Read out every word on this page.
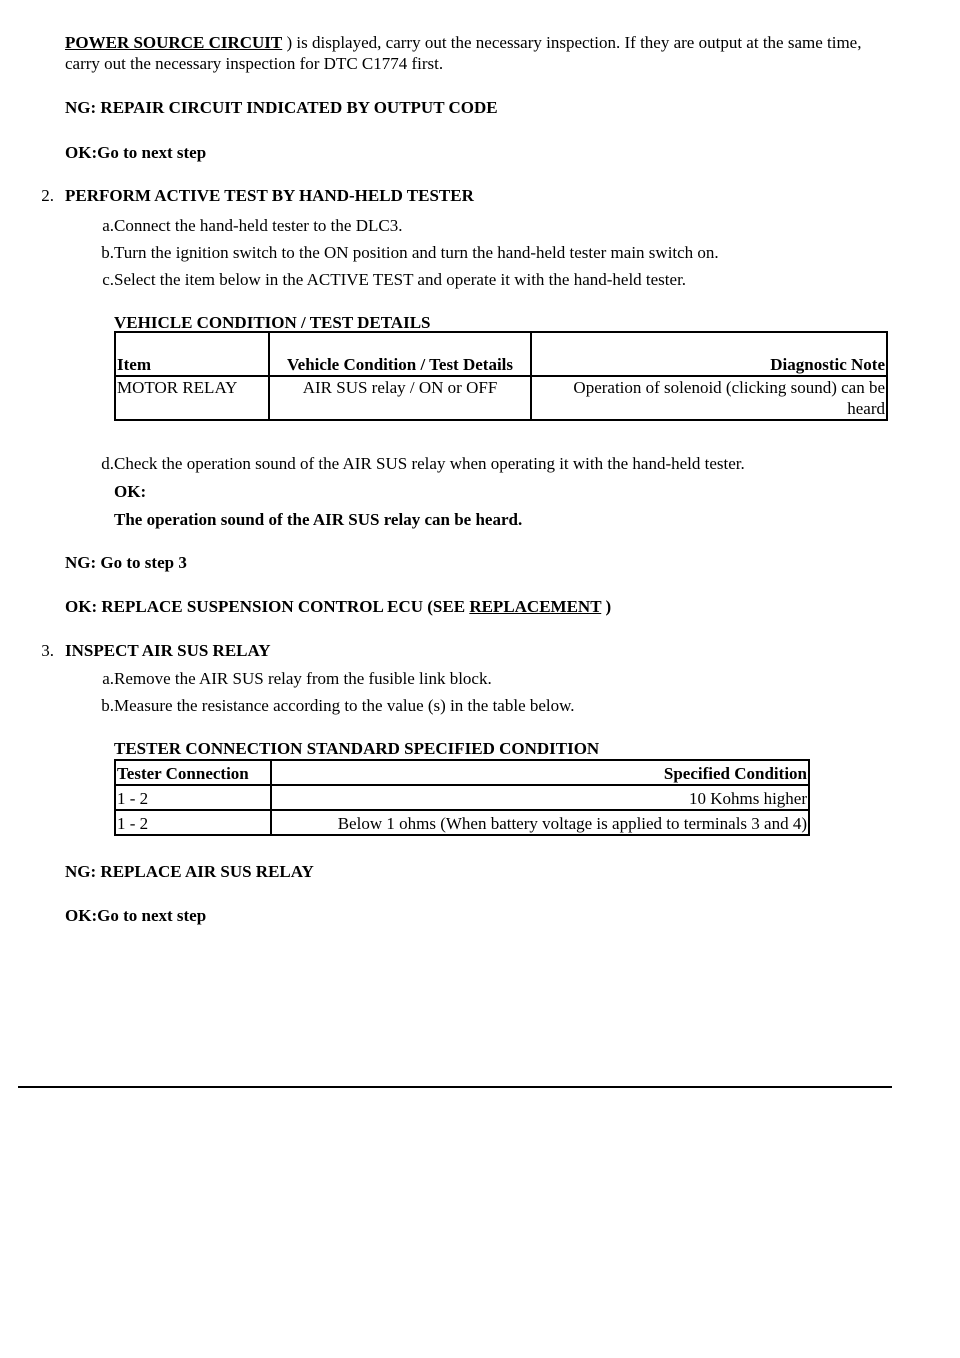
POWER SOURCE CIRCUIT ) is displayed, carry out the necessary inspection. If they are output at the same time, carry out the necessary inspection for DTC C1774 first.

NG: REPAIR CIRCUIT INDICATED BY OUTPUT CODE

OK:Go to next step

2. PERFORM ACTIVE TEST BY HAND-HELD TESTER

a. Connect the hand-held tester to the DLC3.

b. Turn the ignition switch to the ON position and turn the hand-held tester main switch on.

c. Select the item below in the ACTIVE TEST and operate it with the hand-held tester.

VEHICLE CONDITION / TEST DETAILS

Item	Vehicle Condition / Test Details	Diagnostic Note
MOTOR RELAY	AIR SUS relay / ON or OFF	Operation of solenoid (clicking sound) can be heard
d. Check the operation sound of the AIR SUS relay when operating it with the hand-held tester.

OK:

The operation sound of the AIR SUS relay can be heard.

NG: Go to step 3

OK: REPLACE SUSPENSION CONTROL ECU (SEE REPLACEMENT )

3. INSPECT AIR SUS RELAY

a. Remove the AIR SUS relay from the fusible link block.

b. Measure the resistance according to the value (s) in the table below.

TESTER CONNECTION STANDARD SPECIFIED CONDITION

Tester Connection	Specified Condition
1 - 2	10 Kohms higher
1 - 2	Below 1 ohms (When battery voltage is applied to terminals 3 and 4)

NG: REPLACE AIR SUS RELAY

OK:Go to next step
